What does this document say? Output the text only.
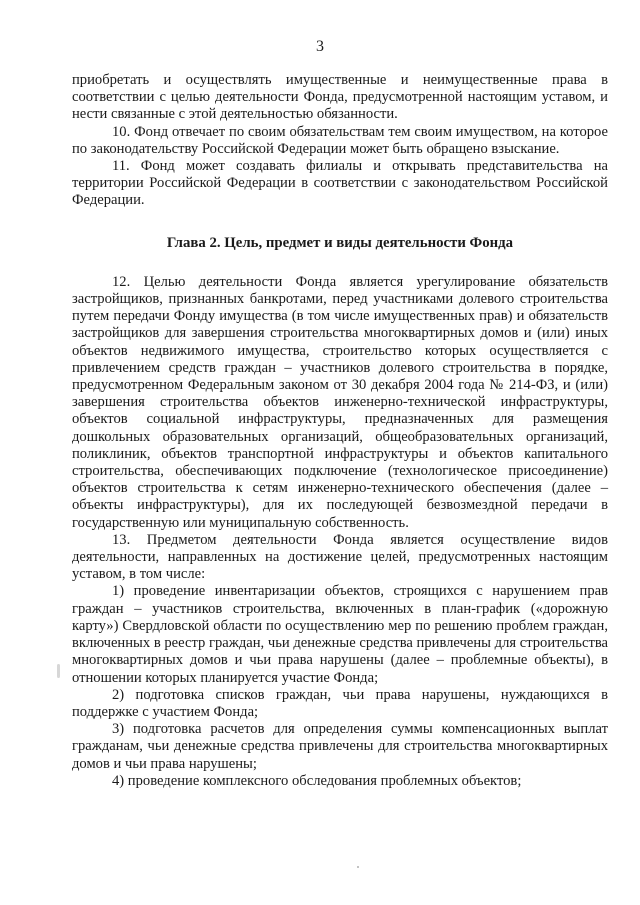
3

приобретать и осуществлять имущественные и неимущественные права в соответствии с целью деятельности Фонда, предусмотренной настоящим уставом, и нести связанные с этой деятельностью обязанности.

10. Фонд отвечает по своим обязательствам тем своим имуществом, на которое по законодательству Российской Федерации может быть обращено взыскание.

11. Фонд может создавать филиалы и открывать представительства на территории Российской Федерации в соответствии с законодательством Российской Федерации.

Глава 2. Цель, предмет и виды деятельности Фонда

12. Целью деятельности Фонда является урегулирование обязательств застройщиков, признанных банкротами, перед участниками долевого строительства путем передачи Фонду имущества (в том числе имущественных прав) и обязательств застройщиков для завершения строительства многоквартирных домов и (или) иных объектов недвижимого имущества, строительство которых осуществляется с привлечением средств граждан – участников долевого строительства в порядке, предусмотренном Федеральным законом от 30 декабря 2004 года № 214-ФЗ, и (или) завершения строительства объектов инженерно-технической инфраструктуры, объектов социальной инфраструктуры, предназначенных для размещения дошкольных образовательных организаций, общеобразовательных организаций, поликлиник, объектов транспортной инфраструктуры и объектов капитального строительства, обеспечивающих подключение (технологическое присоединение) объектов строительства к сетям инженерно-технического обеспечения (далее – объекты инфраструктуры), для их последующей безвозмездной передачи в государственную или муниципальную собственность.

13. Предметом деятельности Фонда является осуществление видов деятельности, направленных на достижение целей, предусмотренных настоящим уставом, в том числе:

1) проведение инвентаризации объектов, строящихся с нарушением прав граждан – участников строительства, включенных в план-график («дорожную карту») Свердловской области по осуществлению мер по решению проблем граждан, включенных в реестр граждан, чьи денежные средства привлечены для строительства многоквартирных домов и чьи права нарушены (далее – проблемные объекты), в отношении которых планируется участие Фонда;

2) подготовка списков граждан, чьи права нарушены, нуждающихся в поддержке с участием Фонда;

3) подготовка расчетов для определения суммы компенсационных выплат гражданам, чьи денежные средства привлечены для строительства многоквартирных домов и чьи права нарушены;

4) проведение комплексного обследования проблемных объектов;
